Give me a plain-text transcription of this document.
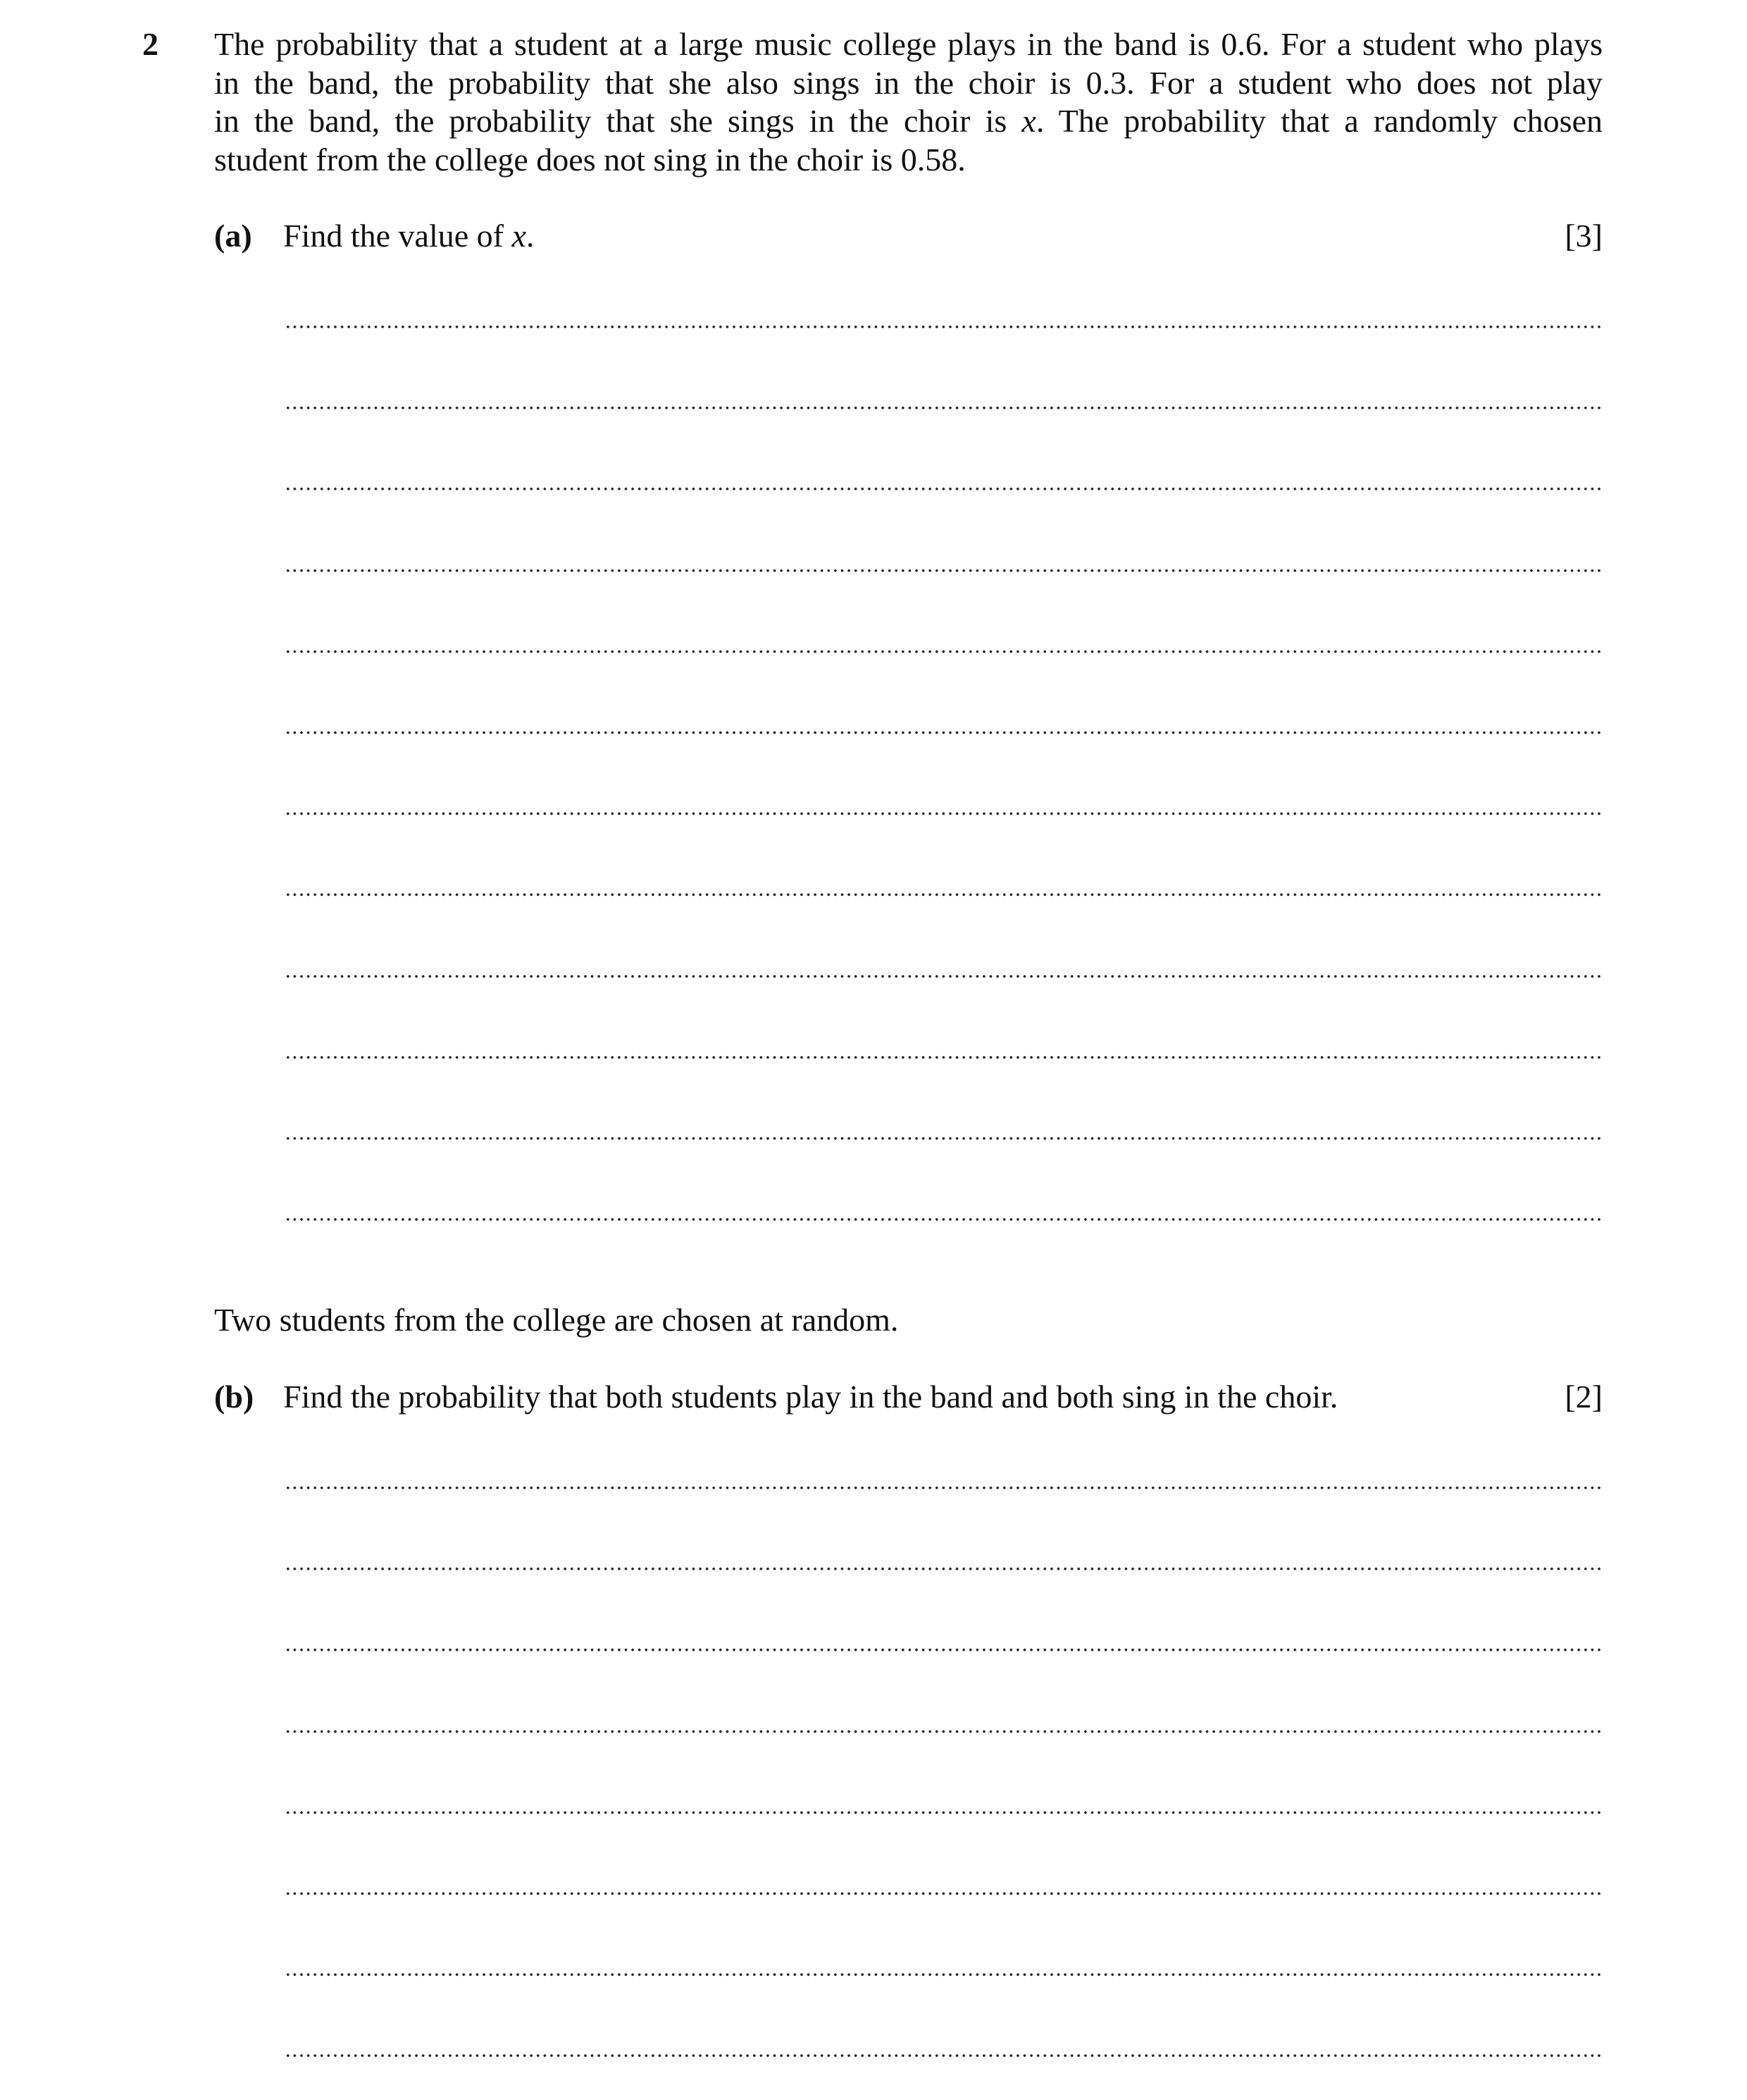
2 The probability that a student at a large music college plays in the band is 0.6. For a student who plays
in the band, the probability that she also sings in the choir is 0.3. For a student who does not play
in the band, the probability that she sings in the choir is x. The probability that a randomly chosen
student from the college does not sing in the choir is 0.58.
(a) Find the value of x.	[3]
Two students from the college are chosen at random.
(b) Find the probability that both students play in the band and both sing in the choir.	[2]
